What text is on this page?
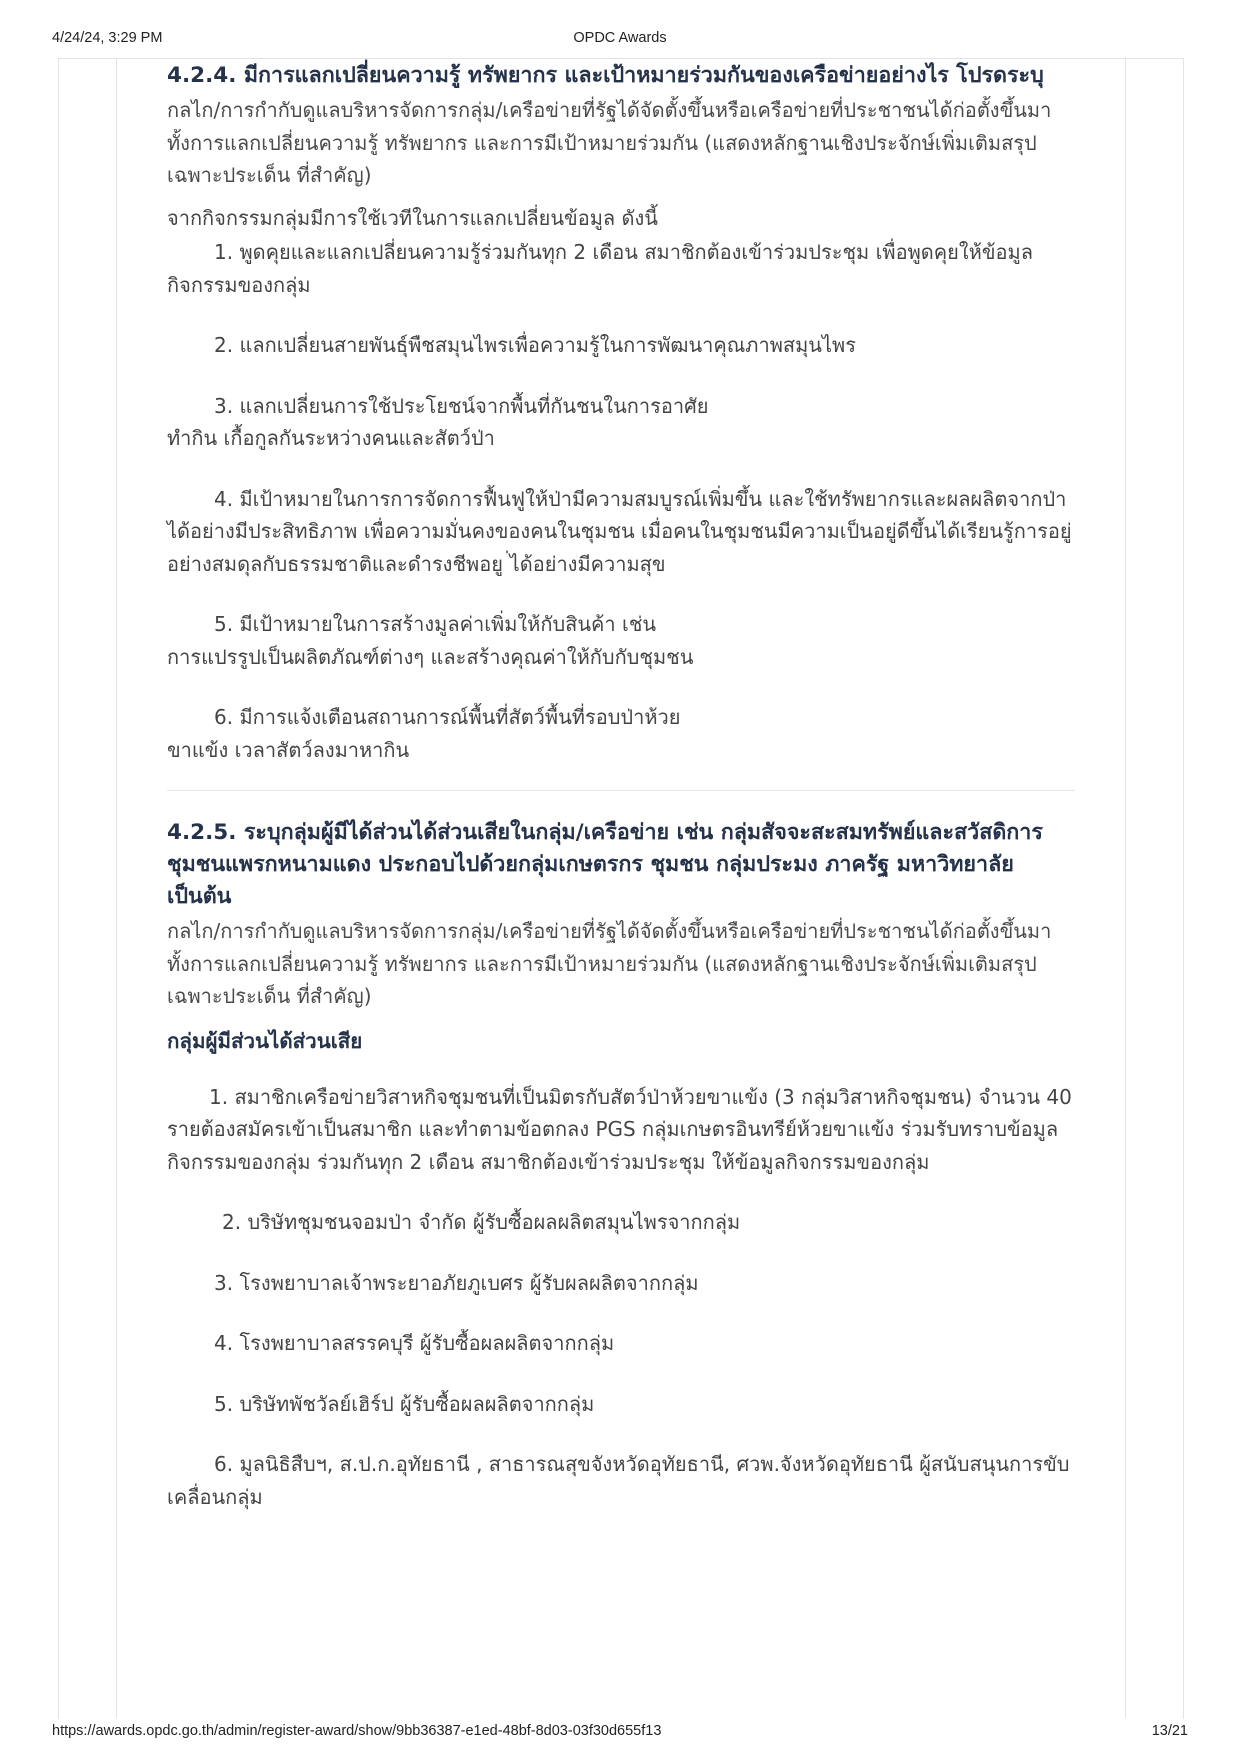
4/24/24, 3:29 PM	OPDC Awards
4.2.4. มีการแลกเปลี่ยนความรู้ ทรัพยากร และเป้าหมายร่วมกันของเครือข่ายอย่างไร โปรดระบุ

กลไก/การกำกับดูแลบริหารจัดการกลุ่ม/เครือข่ายที่รัฐได้จัดตั้งขึ้นหรือเครือข่ายที่ประชาชนได้ก่อตั้งขึ้นมา ทั้งการแลกเปลี่ยนความรู้ ทรัพยากร และการมีเป้าหมายร่วมกัน (แสดงหลักฐานเชิงประจักษ์เพิ่มเติมสรุปเฉพาะประเด็น ที่สำคัญ)

จากกิจกรรมกลุ่มมีการใช้เวทีในการแลกเปลี่ยนข้อมูล ดังนี้

1. พูดคุยและแลกเปลี่ยนความรู้ร่วมกันทุก 2 เดือน สมาชิกต้องเข้าร่วมประชุม เพื่อพูดคุยให้ข้อมูลกิจกรรมของกลุ่ม

2. แลกเปลี่ยนสายพันธุ์พืชสมุนไพรเพื่อความรู้ในการพัฒนาคุณภาพสมุนไพร

3. แลกเปลี่ยนการใช้ประโยชน์จากพื้นที่กันชนในการอาศัย

ทำกิน เกื้อกูลกันระหว่างคนและสัตว์ป่า

4. มีเป้าหมายในการการจัดการฟื้นฟูให้ป่ามีความสมบูรณ์เพิ่มขึ้น และใช้ทรัพยากรและผลผลิตจากป่าได้อย่างมีประสิทธิภาพ เพื่อความมั่นคงของคนในชุมชน เมื่อคนในชุมชนมีความเป็นอยู่ดีขึ้นได้เรียนรู้การอยู่อย่างสมดุลกับธรรมชาติและดำรงชีพอยู ่ได้อย่างมีความสุข

5. มีเป้าหมายในการสร้างมูลค่าเพิ่มให้กับสินค้า เช่น

การแปรรูปเป็นผลิตภัณฑ์ต่างๆ และสร้างคุณค่าให้กับกับชุมชน

6. มีการแจ้งเตือนสถานการณ์พื้นที่สัตว์พื้นที่รอบป่าห้วย

ขาแข้ง เวลาสัตว์ลงมาหากิน

4.2.5. ระบุกลุ่มผู้มีได้ส่วนได้ส่วนเสียในกลุ่ม/เครือข่าย เช่น กลุ่มสัจจะสะสมทรัพย์และสวัสดิการชุมชนแพรกหนามแดง ประกอบไปด้วยกลุ่มเกษตรกร ชุมชน กลุ่มประมง ภาครัฐ มหาวิทยาลัย เป็นต้น

กลไก/การกำกับดูแลบริหารจัดการกลุ่ม/เครือข่ายที่รัฐได้จัดตั้งขึ้นหรือเครือข่ายที่ประชาชนได้ก่อตั้งขึ้นมา ทั้งการแลกเปลี่ยนความรู้ ทรัพยากร และการมีเป้าหมายร่วมกัน (แสดงหลักฐานเชิงประจักษ์เพิ่มเติมสรุปเฉพาะประเด็น ที่สำคัญ)

กลุ่มผู้มีส่วนได้ส่วนเสีย

1. สมาชิกเครือข่ายวิสาหกิจชุมชนที่เป็นมิตรกับสัตว์ป่าห้วยขาแข้ง (3 กลุ่มวิสาหกิจชุมชน) จำนวน 40 รายต้องสมัครเข้าเป็นสมาชิก และทำตามข้อตกลง PGS กลุ่มเกษตรอินทรีย์ห้วยขาแข้ง ร่วมรับทราบข้อมูลกิจกรรมของกลุ่ม ร่วมกันทุก 2 เดือน สมาชิกต้องเข้าร่วมประชุม ให้ข้อมูลกิจกรรมของกลุ่ม

2. บริษัทชุมชนจอมป่า จำกัด ผู้รับซื้อผลผลิตสมุนไพรจากกลุ่ม

3. โรงพยาบาลเจ้าพระยาอภัยภูเบศร ผู้รับผลผลิตจากกลุ่ม

4. โรงพยาบาลสรรคบุรี ผู้รับซื้อผลผลิตจากกลุ่ม

5. บริษัทพัชวัลย์เฮิร์ป ผู้รับซื้อผลผลิตจากกลุ่ม

6. มูลนิธิสืบฯ, ส.ป.ก.อุทัยธานี , สาธารณสุขจังหวัดอุทัยธานี, ศวพ.จังหวัดอุทัยธานี ผู้สนับสนุนการขับเคลื่อนกลุ่ม

https://awards.opdc.go.th/admin/register-award/show/9bb36387-e1ed-48bf-8d03-03f30d655f13	13/21
